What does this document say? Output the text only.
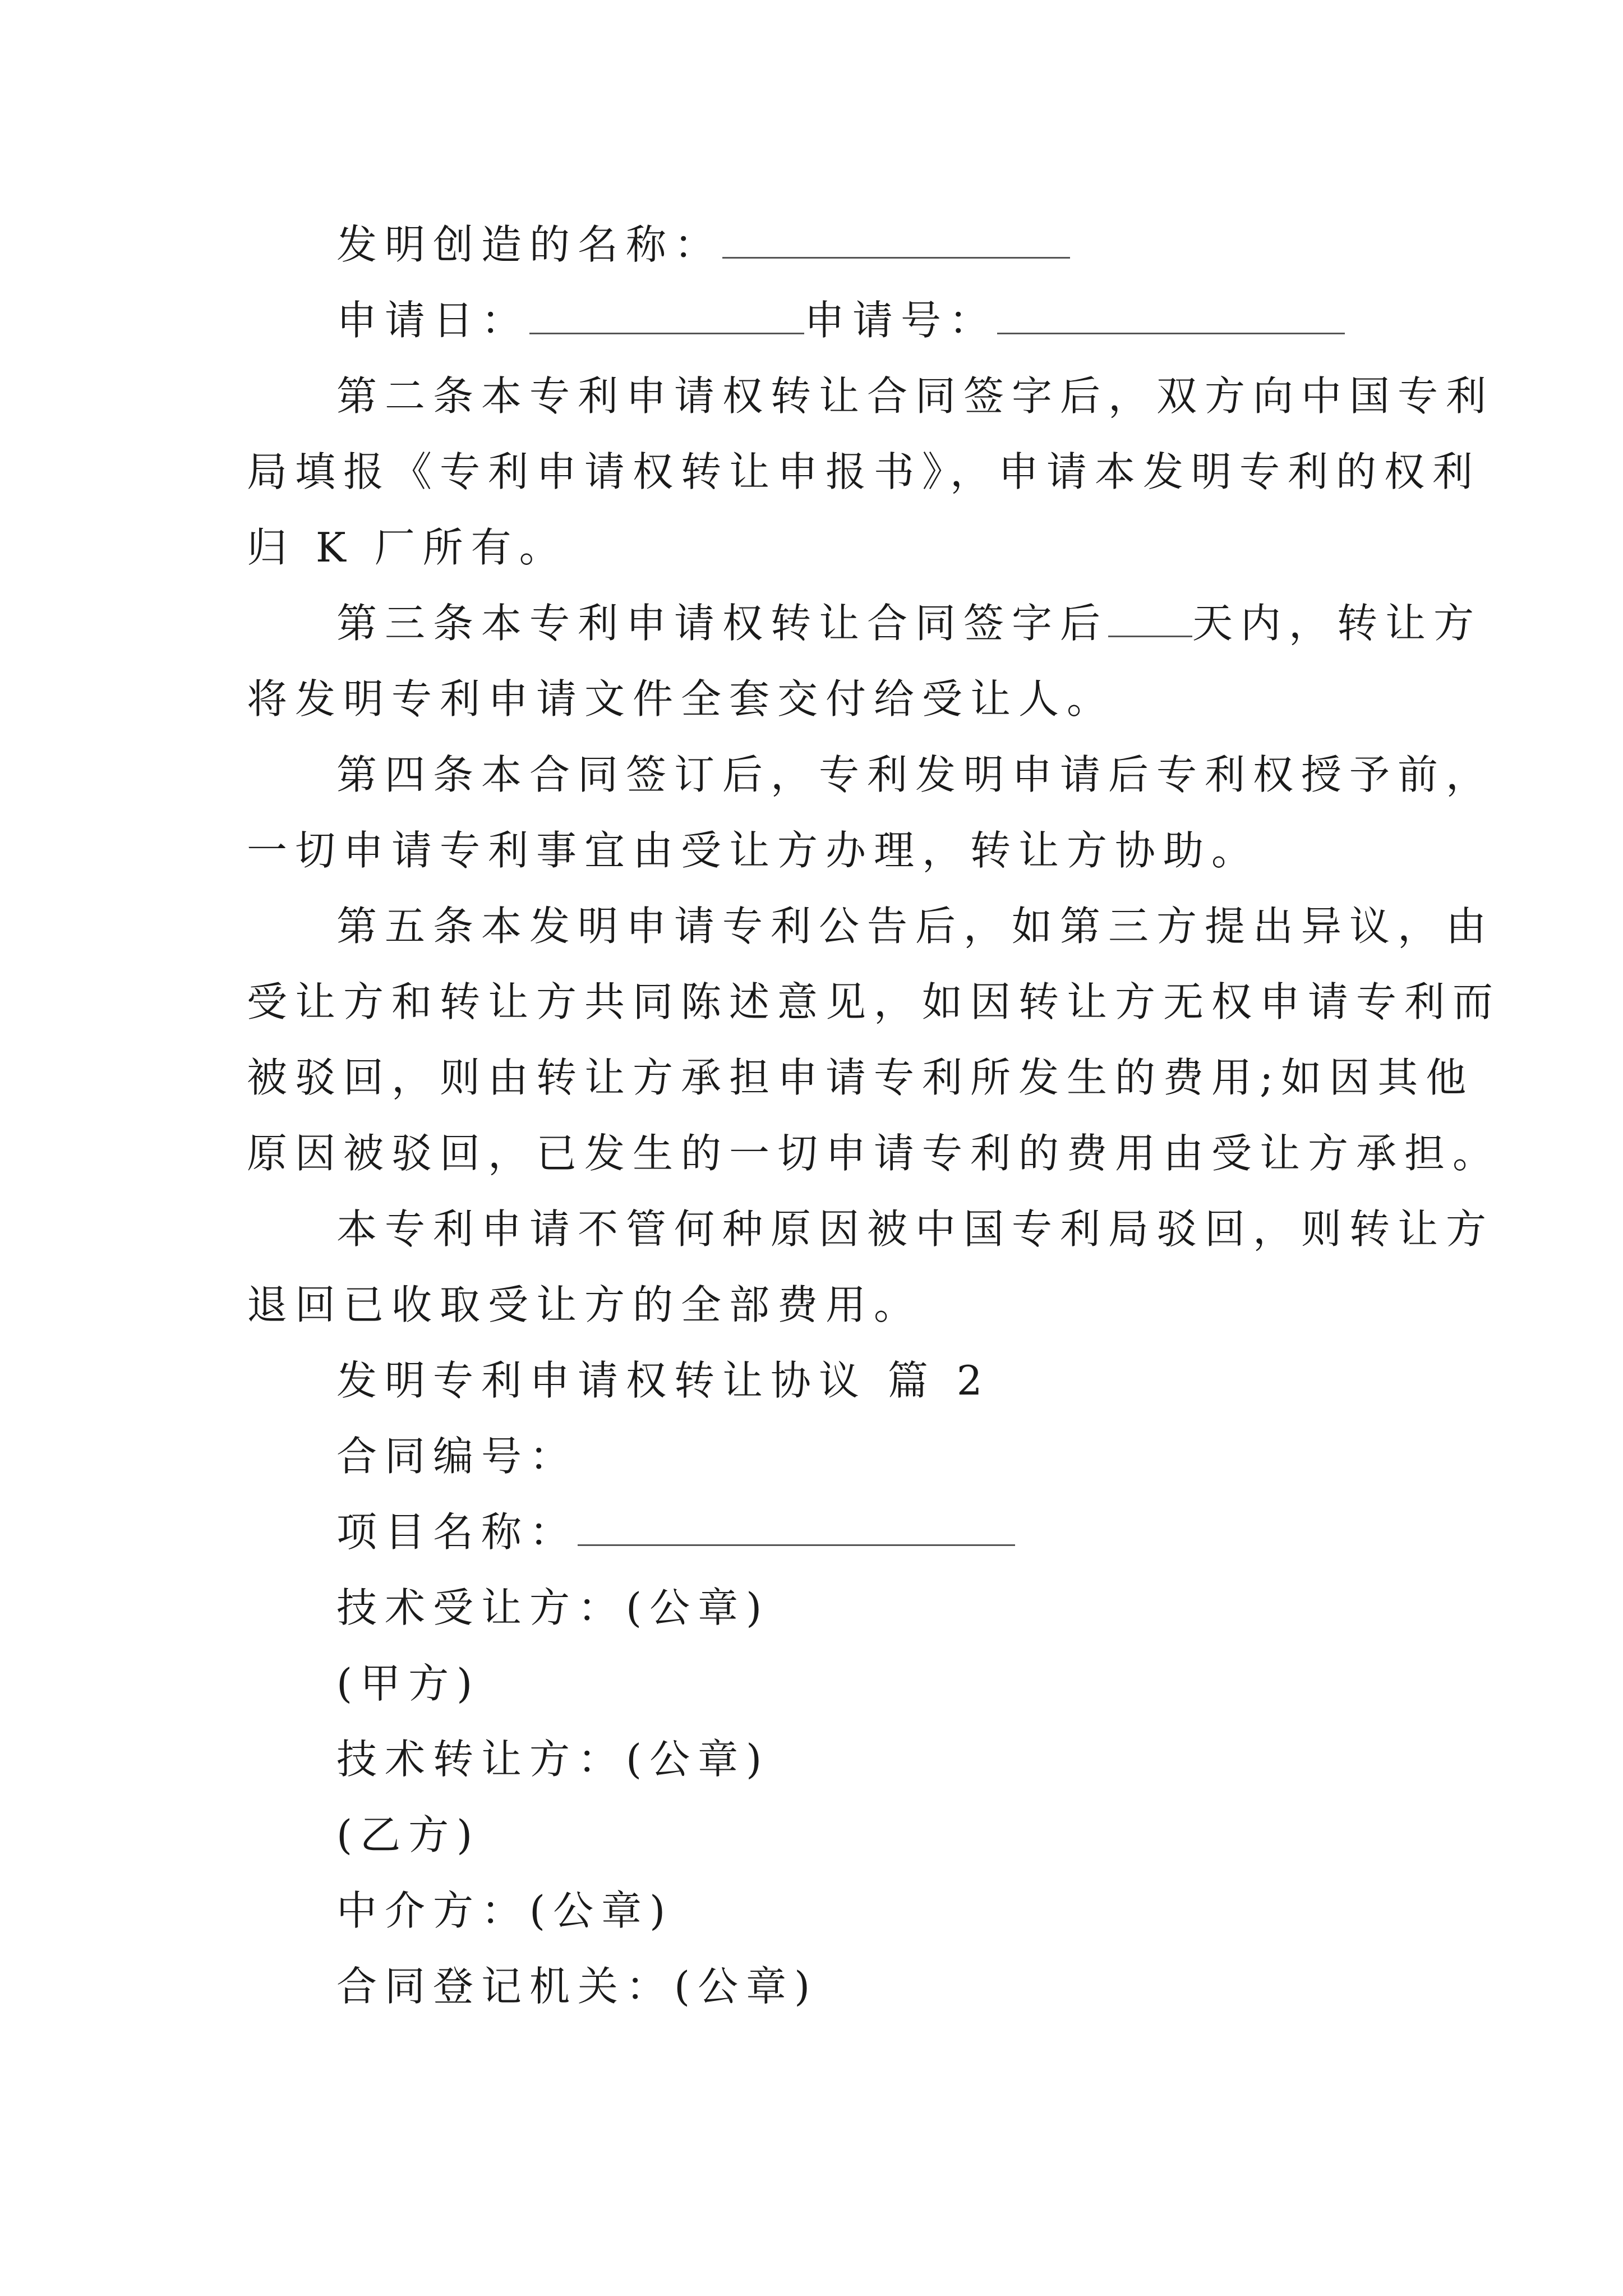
发明创造的名称：

申请日：	申请号：

第二条本专利申请权转让合同签字后，双方向中国专利

局填报《专利申请权转让申报书》，申请本发明专利的权利

归 K 厂所有。

第三条本专利申请权转让合同签字后 天内，转让方

将发明专利申请文件全套交付给受让人。

第四条本合同签订后，专利发明申请后专利权授予前，

一切申请专利事宜由受让方办理，转让方协助。

第五条本发明申请专利公告后，如第三方提出异议，由

受让方和转让方共同陈述意见，如因转让方无权申请专利而

被驳回，则由转让方承担申请专利所发生的费用;如因其他

原因被驳回，已发生的一切申请专利的费用由受让方承担。

本专利申请不管何种原因被中国专利局驳回，则转让方

退回已收取受让方的全部费用。

发明专利申请权转让协议 篇 2

合同编号：

项目名称：

技术受让方：(公章)

(甲方)

技术转让方：(公章)

(乙方)

中介方：(公章)

合同登记机关：(公章)
